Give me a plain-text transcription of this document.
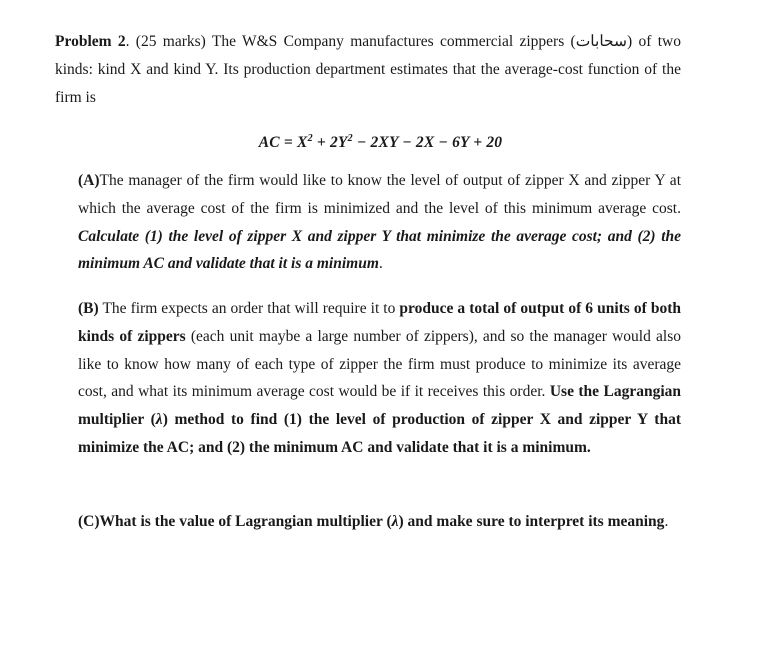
Problem 2. (25 marks) The W&S Company manufactures commercial zippers (سحابات) of two kinds: kind X and kind Y. Its production department estimates that the average-cost function of the firm is
AC = $X^2 + 2Y^2 - 2XY - 2X - 6Y + 20$

(A)The manager of the firm would like to know the level of output of zipper X and zipper Y at which the average cost of the firm is minimized and the level of this minimum average cost. Calculate (1) the level of zipper X and zipper Y that minimize the average cost; and (2) the minimum AC and validate that it is a minimum.

(B) The firm expects an order that will require it to produce a total of output of 6 units of both kinds of zippers (each unit maybe a large number of zippers), and so the manager would also like to know how many of each type of zipper the firm must produce to minimize its average cost, and what its minimum average cost would be if it receives this order. Use the Lagrangian multiplier (λ) method to find (1) the level of production of zipper X and zipper Y that minimize the AC; and (2) the minimum AC and validate that it is a minimum.

(C)What is the value of Lagrangian multiplier (λ) and make sure to interpret its meaning.
